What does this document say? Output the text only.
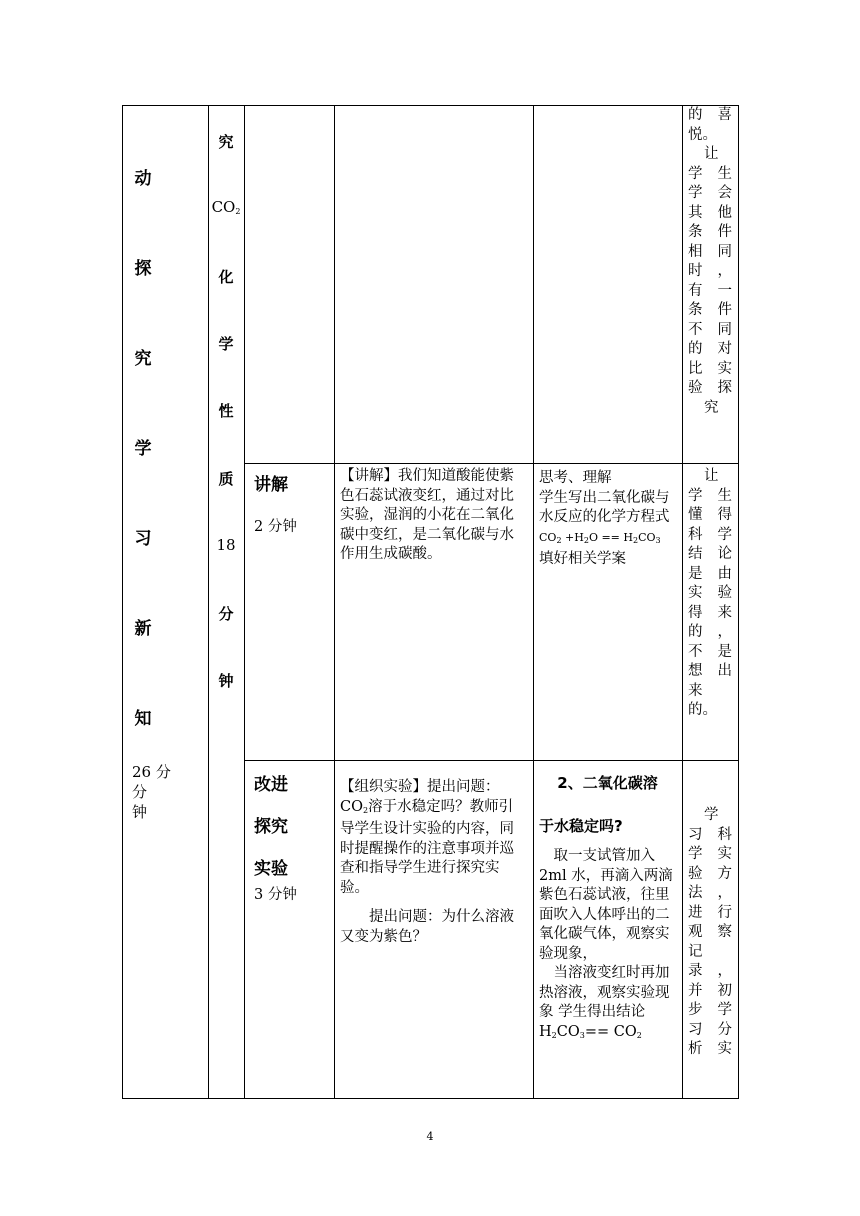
动
探
究
学
习
新
知
26 分
分
钟
究
$CO_2$
化
学
性
质
18
分
钟
的 喜
悦。
让
学 生
学 会
其 他
条 件
相 同
时 ，
有 一
条 件
不 同
的 对
比 实
验 探
究
讲解
2 分钟

【讲解】我们知道酸能使紫色石蕊试液变红，通过对比实验，湿润的小花在二氧化碳中变红，是二氧化碳与水作用生成碳酸。

思考、理解

学生写出二氧化碳与水反应的化学方程式

$CO_2 +H_2O == H_2CO_3$

填好相关学案

让
学 生
懂 得
科 学
结 论
是 由
实 验
得 来
的 ，
不 是
想 出
来
的。
改进
探究
实验
3 分钟

【组织实验】提出问题：$CO_2$溶于水稳定吗？教师引导学生设计实验的内容，同时提醒操作的注意事项并巡查和指导学生进行探究实验。

提出问题：为什么溶液又变为紫色？

2、二氧化碳溶

于水稳定吗?

取一支试管加入 2ml 水，再滴入两滴紫色石蕊试液，往里面吹入人体呼出的二氧化碳气体，观察实验现象，

当溶液变红时再加热溶液，观察实验现象 学生得出结论 $H_2CO_3== CO_2$

学
习 科
学 实
验 方
法 ，
进 行
观 察
记
录 ，
并 初
步 学
习 分
析 实
4
